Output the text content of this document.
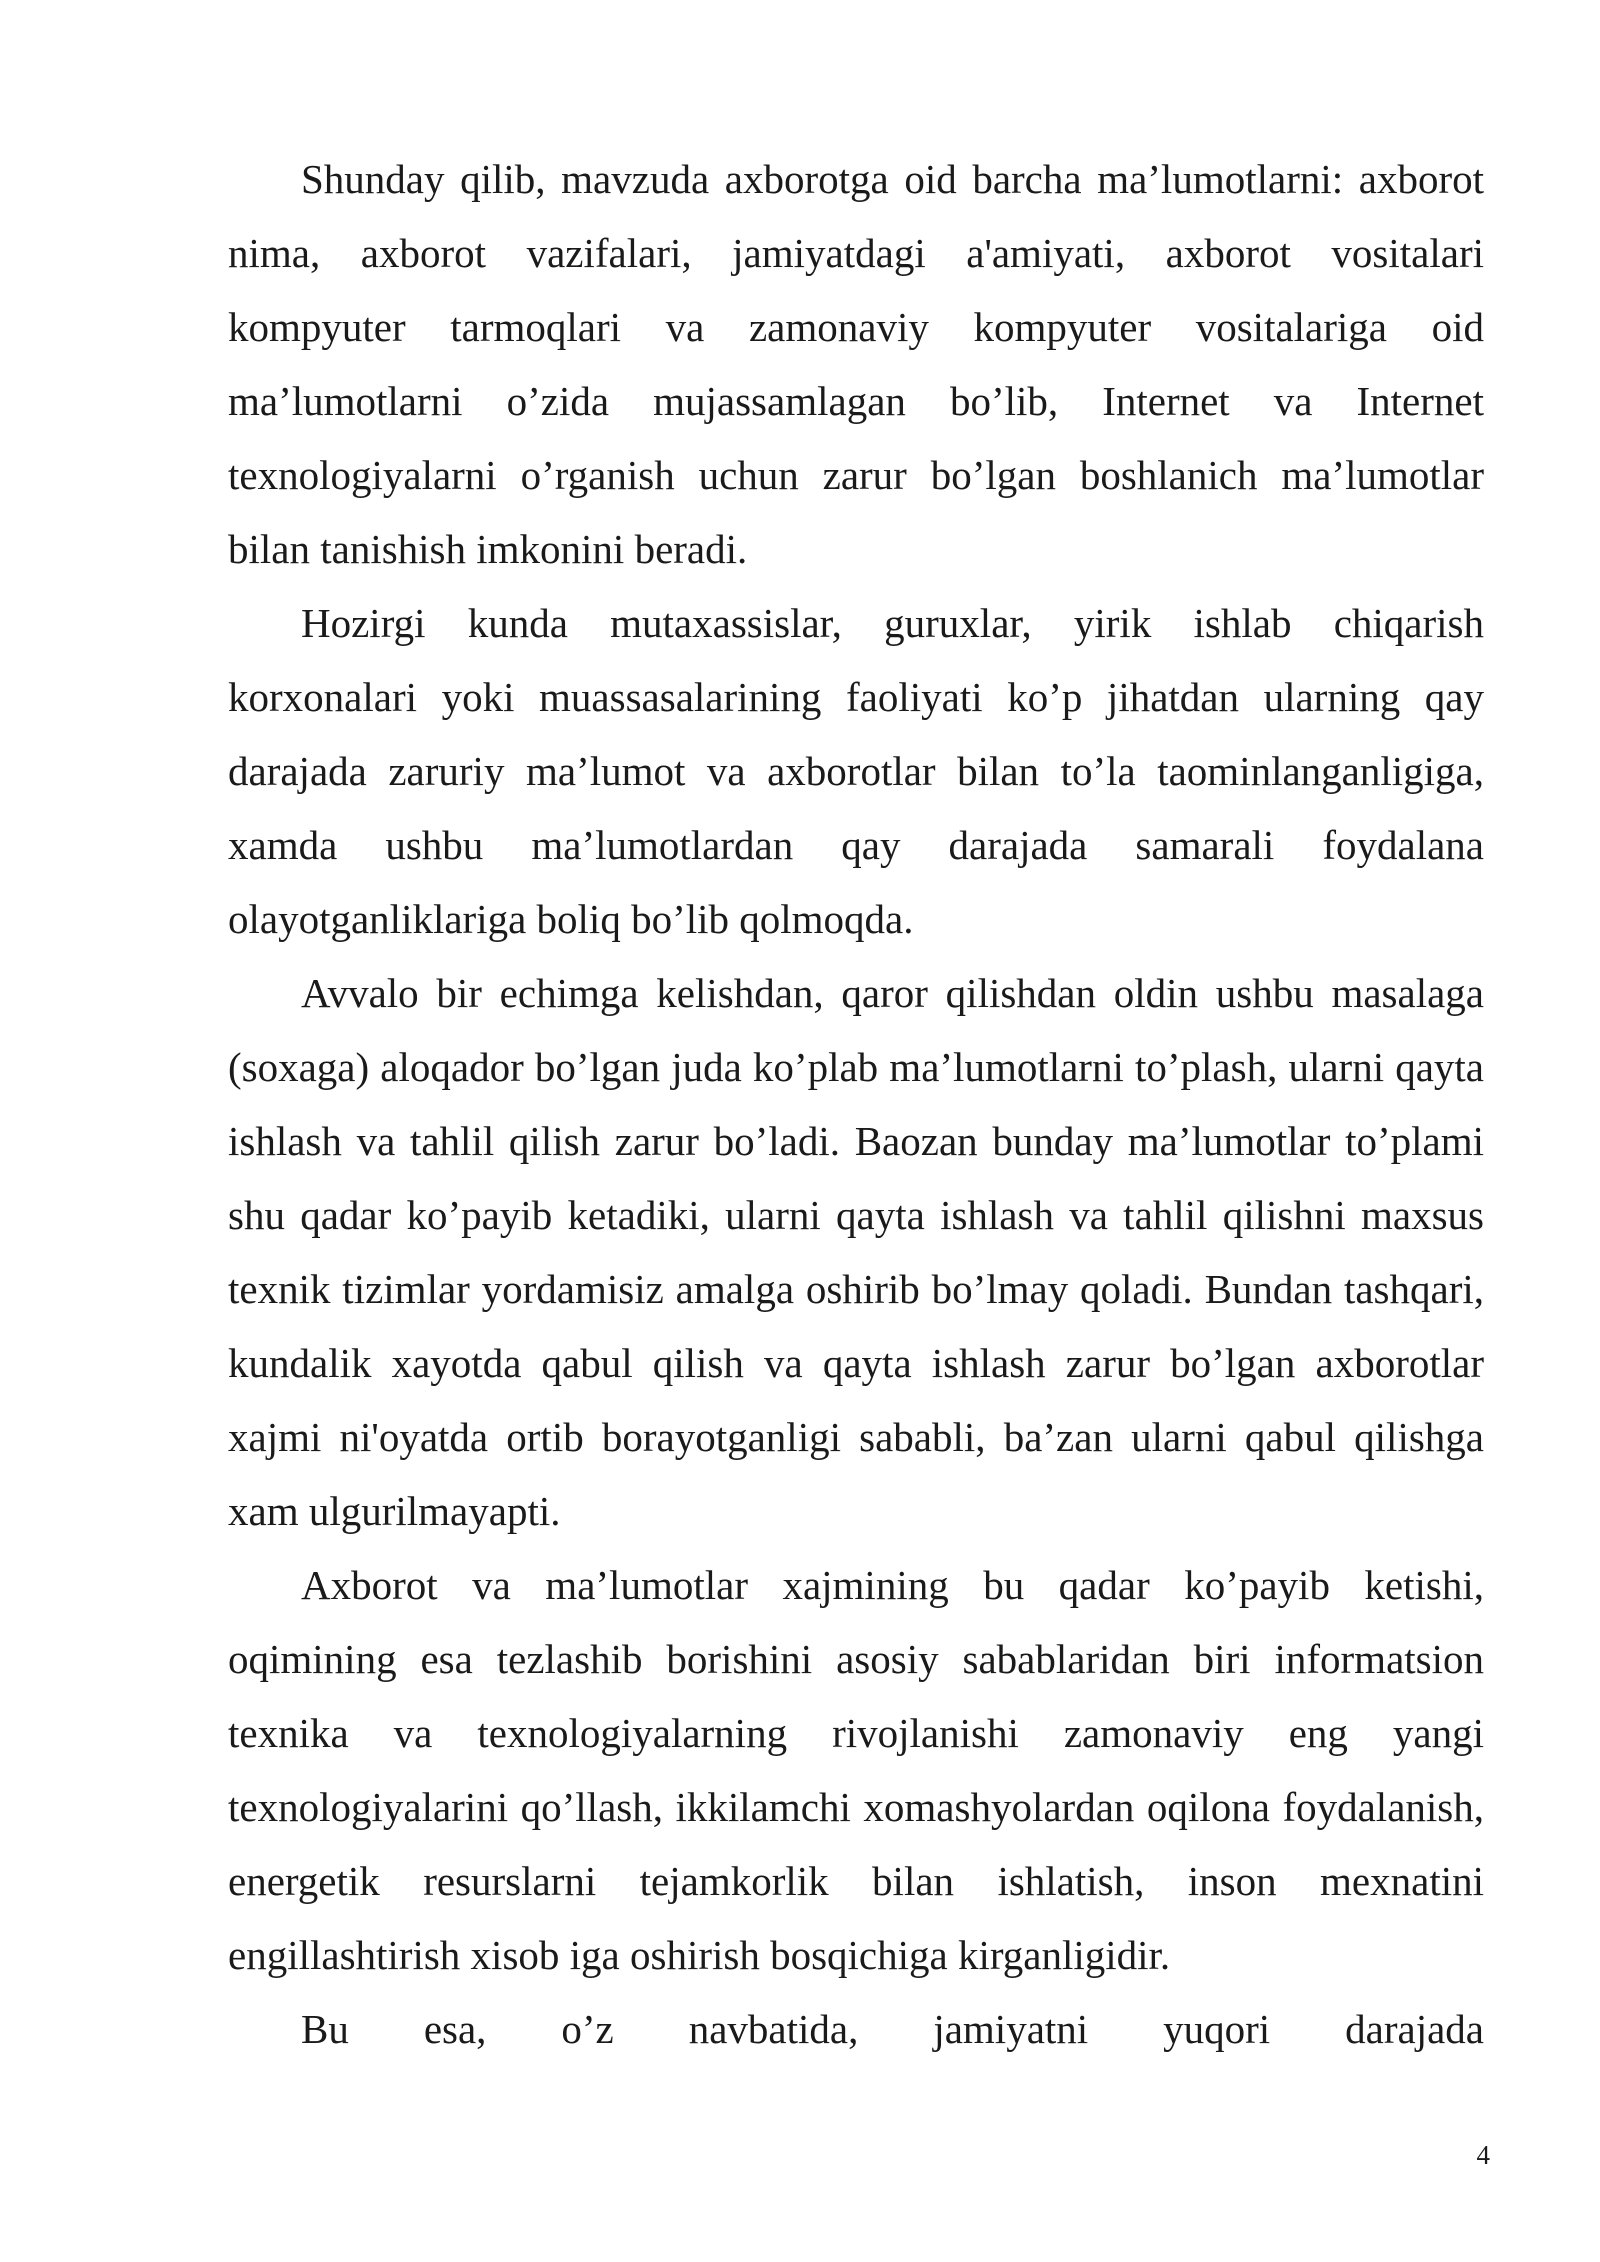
Shunday qilib, mavzuda axborotga oid barcha ma’lumotlarni: axborot nima, axborot vazifalari, jamiyatdagi a'amiyati, axborot vositalari kompyuter tarmoqlari va zamonaviy kompyuter vositalariga oid ma’lumotlarni o’zida mujassamlagan bo’lib, Internet va Internet texnologiyalarni o’rganish uchun zarur bo’lgan boshlanich ma’lumotlar bilan tanishish imkonini beradi.

Hozirgi kunda mutaxassislar, guruxlar, yirik ishlab chiqarish korxonalari yoki muassasalarining faoliyati ko’p jihatdan ularning qay darajada zaruriy ma’lumot va axborotlar bilan to’la taominlanganligiga, xamda ushbu ma’lumotlardan qay darajada samarali foydalana olayotganliklariga boliq bo’lib qolmoqda.

Avvalo bir echimga kelishdan, qaror qilishdan oldin ushbu masalaga (soxaga) aloqador bo’lgan juda ko’plab ma’lumotlarni to’plash, ularni qayta ishlash va tahlil qilish zarur bo’ladi. Baozan bunday ma’lumotlar to’plami shu qadar ko’payib ketadiki, ularni qayta ishlash va tahlil qilishni maxsus texnik tizimlar yordamisiz amalga oshirib bo’lmay qoladi. Bundan tashqari, kundalik xayotda qabul qilish va qayta ishlash zarur bo’lgan axborotlar xajmi ni'oyatda ortib borayotganligi sababli, ba’zan ularni qabul qilishga xam ulgurilmayapti.

Axborot va ma’lumotlar xajmining bu qadar ko’payib ketishi, oqimining esa tezlashib borishini asosiy sabablaridan biri informatsion texnika va texnologiyalarning rivojlanishi zamonaviy eng yangi texnologiyalarini qo’llash, ikkilamchi xomashyolardan oqilona foydalanish, energetik resurslarni tejamkorlik bilan ishlatish, inson mexnatini engillashtirish xisob iga oshirish bosqichiga kirganligidir.

Bu esa, o’z navbatida, jamiyatni yuqori darajada

4
